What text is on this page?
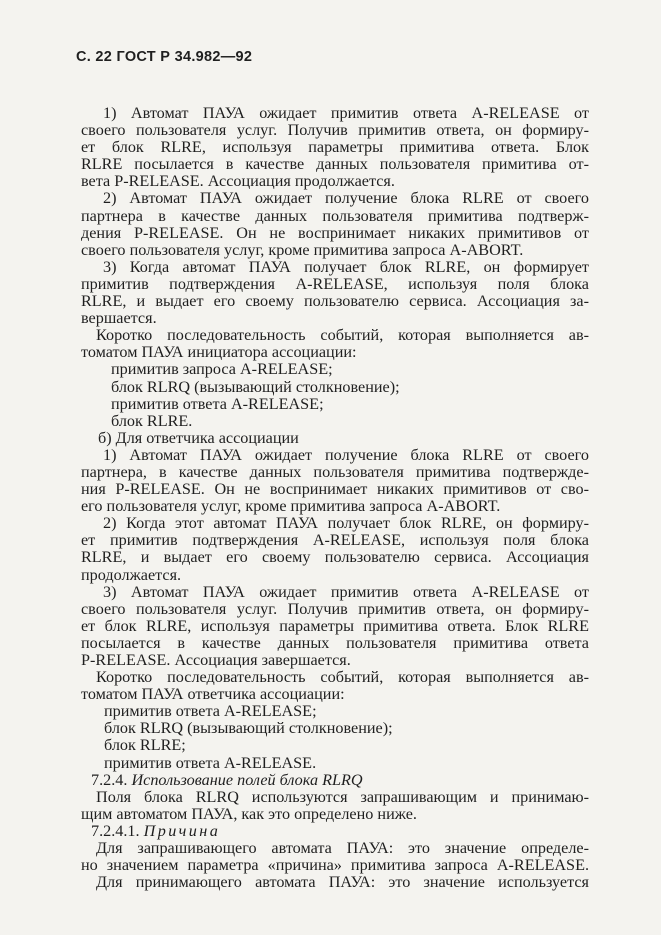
С. 22 ГОСТ Р 34.982—92
1) Автомат ПАУА ожидает примитив ответа A-RELEASE от
своего пользователя услуг. Получив примитив ответа, он формиру-
ет блок RLRE, используя параметры примитива ответа. Блок
RLRE посылается в качестве данных пользователя примитива от-
вета P-RELEASE. Ассоциация продолжается.
2) Автомат ПАУА ожидает получение блока RLRE от своего
партнера в качестве данных пользователя примитива подтверж-
дения P-RELEASE. Он не воспринимает никаких примитивов от
своего пользователя услуг, кроме примитива запроса A-ABORT.
3) Когда автомат ПАУА получает блок RLRE, он формирует
примитив подтверждения A-RELEASE, используя поля блока
RLRE, и выдает его своему пользователю сервиса. Ассоциация за-
вершается.
Коротко последовательность событий, которая выполняется ав-
томатом ПАУА инициатора ассоциации:
примитив запроса A-RELEASE;
блок RLRQ (вызывающий столкновение);
примитив ответа A-RELEASE;
блок RLRE.
б) Для ответчика ассоциации
1) Автомат ПАУА ожидает получение блока RLRE от своего
партнера, в качестве данных пользователя примитива подтвержде-
ния P-RELEASE. Он не воспринимает никаких примитивов от сво-
его пользователя услуг, кроме примитива запроса A-ABORT.
2) Когда этот автомат ПАУА получает блок RLRE, он формиру-
ет примитив подтверждения A-RELEASE, используя поля блока
RLRE, и выдает его своему пользователю сервиса. Ассоциация
продолжается.
3) Автомат ПАУА ожидает примитив ответа A-RELEASE от
своего пользователя услуг. Получив примитив ответа, он формиру-
ет блок RLRE, используя параметры примитива ответа. Блок RLRE
посылается в качестве данных пользователя примитива ответа
P-RELEASE. Ассоциация завершается.
Коротко последовательность событий, которая выполняется ав-
томатом ПАУА ответчика ассоциации:
примитив ответа A-RELEASE;
блок RLRQ (вызывающий столкновение);
блок RLRE;
примитив ответа A-RELEASE.
7.2.4. Использование полей блока RLRQ
Поля блока RLRQ используются запрашивающим и принимаю-
щим автоматом ПАУА, как это определено ниже.
7.2.4.1. Причина
Для запрашивающего автомата ПАУА: это значение определе-
но значением параметра «причина» примитива запроса A-RELEASE.
Для принимающего автомата ПАУА: это значение используется
